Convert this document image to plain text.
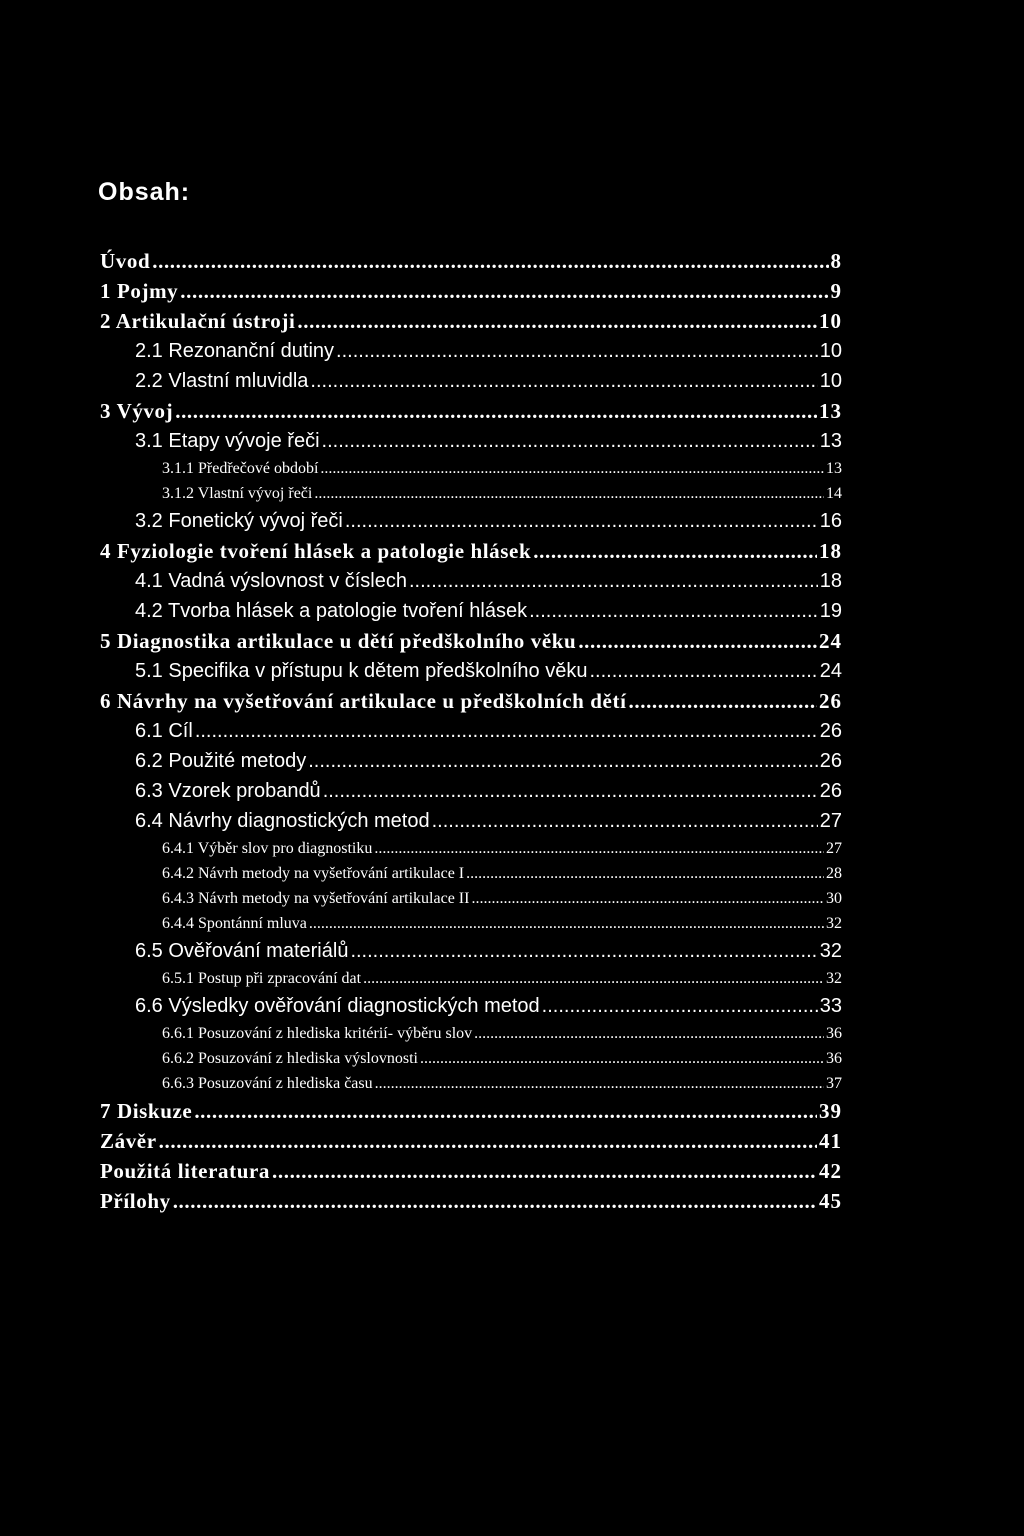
Obsah:
Úvod .....	8
1 Pojmy .....	9
2 Artikulační ústroji .....	10
2.1 Rezonanční dutiny .....	10
2.2 Vlastní mluvidla .....	10
3 Vývoj .....	13
3.1 Etapy vývoje řeči .....	13
3.1.1 Předřečové období .....	13
3.1.2 Vlastní vývoj řeči .....	14
3.2 Fonetický vývoj řeči .....	16
4 Fyziologie tvoření hlásek a patologie hlásek .....	18
4.1 Vadná výslovnost v číslech .....	18
4.2 Tvorba hlásek a patologie tvoření hlásek .....	19
5 Diagnostika artikulace u dětí předškolního věku .....	24
5.1 Specifika v přístupu k dětem předškolního věku .....	24
6 Návrhy na vyšetřování artikulace u předškolních dětí .....	26
6.1 Cíl .....	26
6.2 Použité metody .....	26
6.3 Vzorek probandů .....	26
6.4 Návrhy diagnostických metod .....	27
6.4.1 Výběr slov pro diagnostiku .....	27
6.4.2 Návrh metody na vyšetřování artikulace I .....	28
6.4.3 Návrh metody na vyšetřování artikulace II .....	30
6.4.4 Spontánní mluva .....	32
6.5 Ověřování materiálů .....	32
6.5.1 Postup při zpracování dat .....	32
6.6 Výsledky ověřování diagnostických metod .....	33
6.6.1 Posuzování z hlediska kritérií- výběru slov .....	36
6.6.2 Posuzování z hlediska výslovnosti .....	36
6.6.3 Posuzování z hlediska času .....	37
7 Diskuze .....	39
Závěr .....	41
Použitá literatura .....	42
Přílohy .....	45
